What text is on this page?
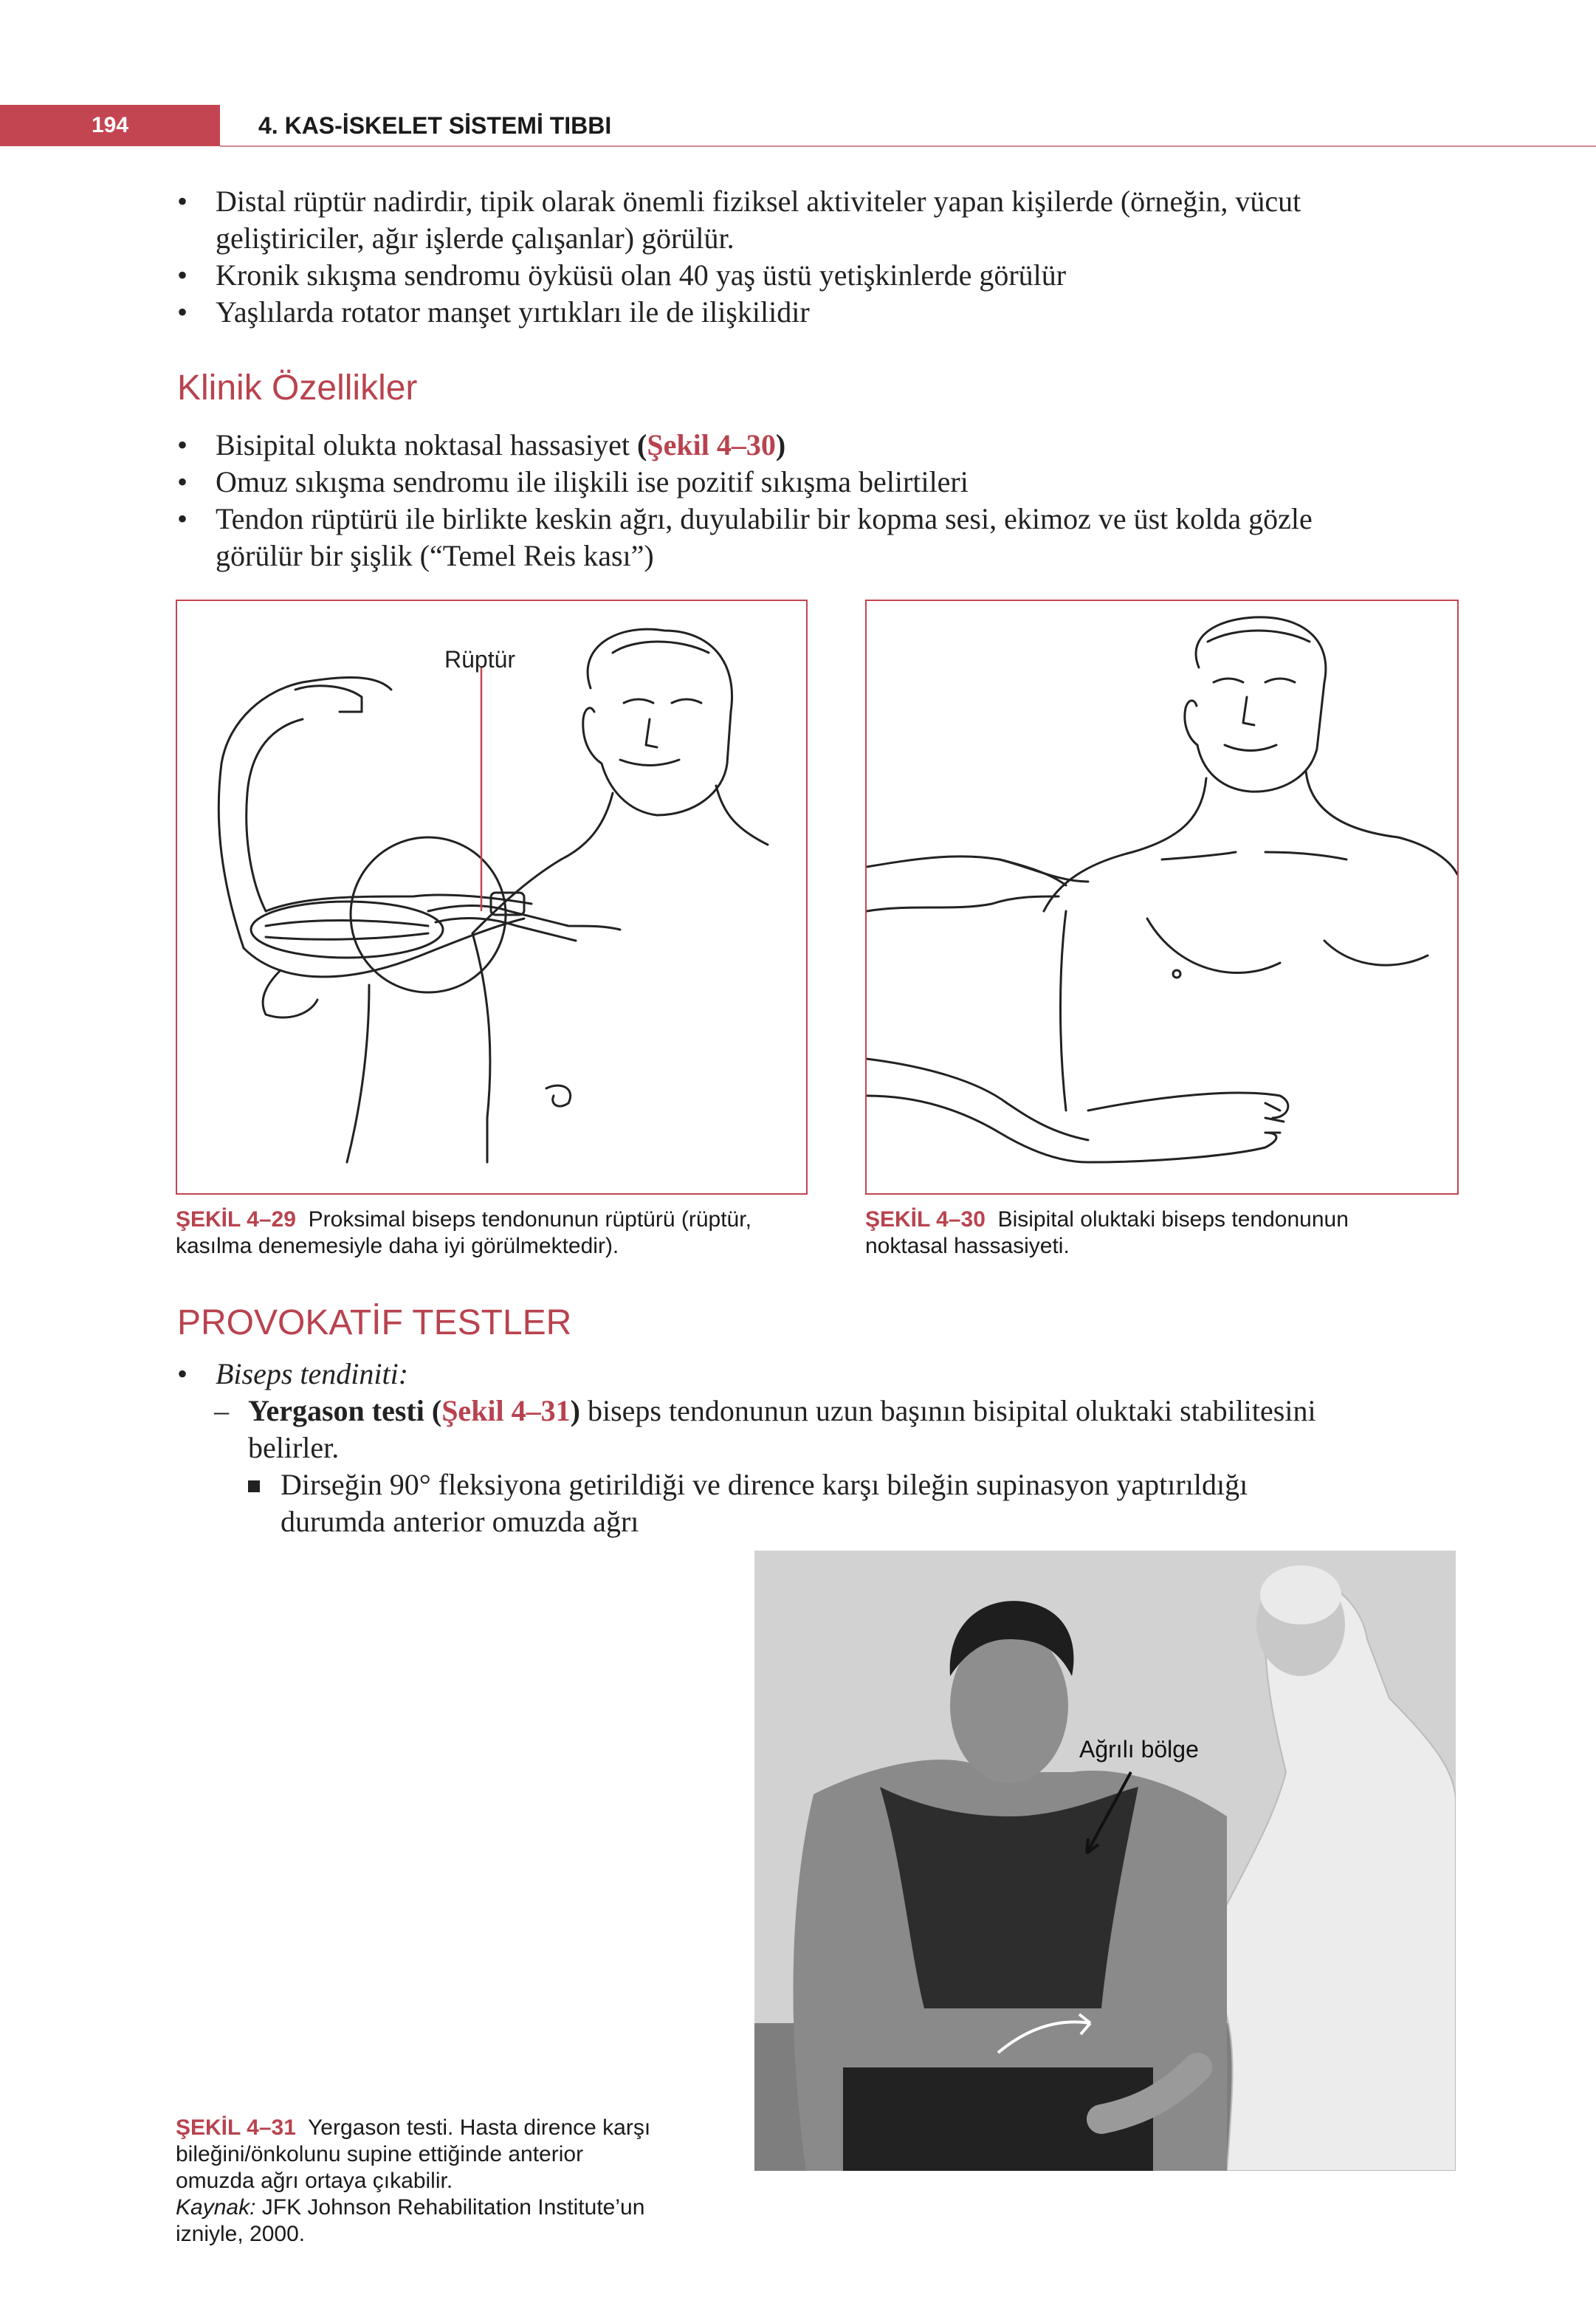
194	4. KAS-İSKELET SİSTEMİ TIBBI
• Distal rüptür nadirdir, tipik olarak önemli fiziksel aktiviteler yapan kişilerde (örneğin, vücut
geliştiriciler, ağır işlerde çalışanlar) görülür.
• Kronik sıkışma sendromu öyküsü olan 40 yaş üstü yetişkinlerde görülür
• Yaşlılarda rotator manşet yırtıkları ile de ilişkilidir
Klinik Özellikler
• Bisipital olukta noktasal hassasiyet (Şekil 4–30)
• Omuz sıkışma sendromu ile ilişkili ise pozitif sıkışma belirtileri
• Tendon rüptürü ile birlikte keskin ağrı, duyulabilir bir kopma sesi, ekimoz ve üst kolda gözle
görülür bir şişlik (“Temel Reis kası”)
Rüptür
ŞEKİL 4–29 Proksimal biseps tendonunun rüptürü (rüptür,
kasılma denemesiyle daha iyi görülmektedir).
ŞEKİL 4–30 Bisipital oluktaki biseps tendonunun
noktasal hassasiyeti.
PROVOKATİF TESTLER
• Biseps tendiniti:
– Yergason testi (Şekil 4–31) biseps tendonunun uzun başının bisipital oluktaki stabilitesini
belirler.
Dirseğin 90° fleksiyona getirildiği ve dirence karşı bileğin supinasyon yaptırıldığı
durumda anterior omuzda ağrı
Ağrılı bölge
ŞEKİL 4–31 Yergason testi. Hasta dirence karşı
bileğini/önkolunu supine ettiğinde anterior
omuzda ağrı ortaya çıkabilir.
Kaynak: JFK Johnson Rehabilitation Institute’un
izniyle, 2000.
